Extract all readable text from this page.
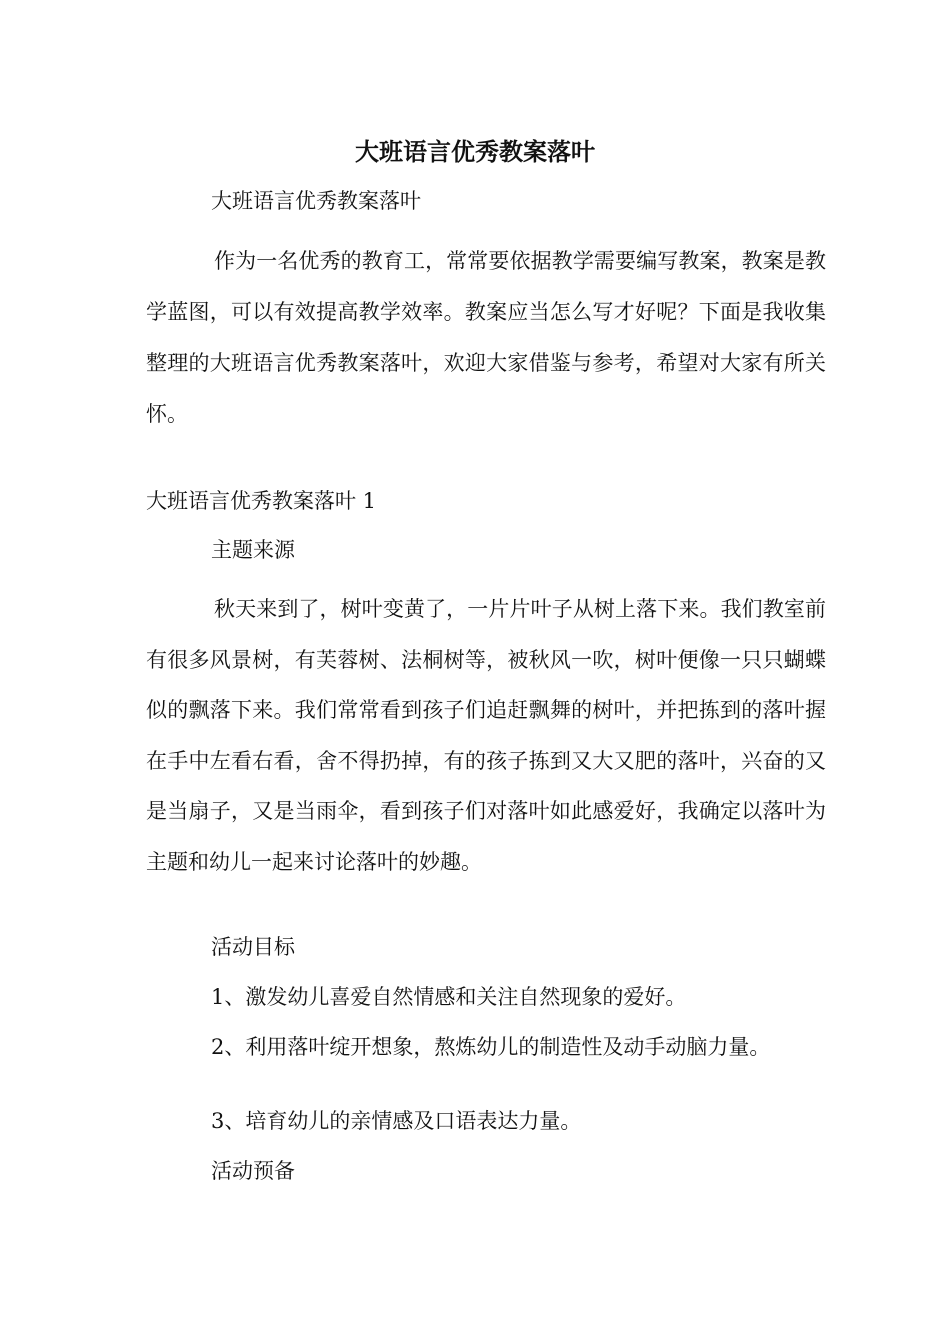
大班语言优秀教案落叶

大班语言优秀教案落叶

作为一名优秀的教育工，常常要依据教学需要编写教案，教案是教学蓝图，可以有效提高教学效率。教案应当怎么写才好呢？下面是我收集整理的大班语言优秀教案落叶，欢迎大家借鉴与参考，希望对大家有所关怀。

大班语言优秀教案落叶 1

主题来源

秋天来到了，树叶变黄了，一片片叶子从树上落下来。我们教室前有很多风景树，有芙蓉树、法桐树等，被秋风一吹，树叶便像一只只蝴蝶似的飘落下来。我们常常看到孩子们追赶飘舞的树叶，并把拣到的落叶握在手中左看右看，舍不得扔掉，有的孩子拣到又大又肥的落叶，兴奋的又是当扇子，又是当雨伞，看到孩子们对落叶如此感爱好，我确定以落叶为主题和幼儿一起来讨论落叶的妙趣。

活动目标

1、激发幼儿喜爱自然情感和关注自然现象的爱好。

2、利用落叶绽开想象，熬炼幼儿的制造性及动手动脑力量。

3、培育幼儿的亲情感及口语表达力量。

活动预备
